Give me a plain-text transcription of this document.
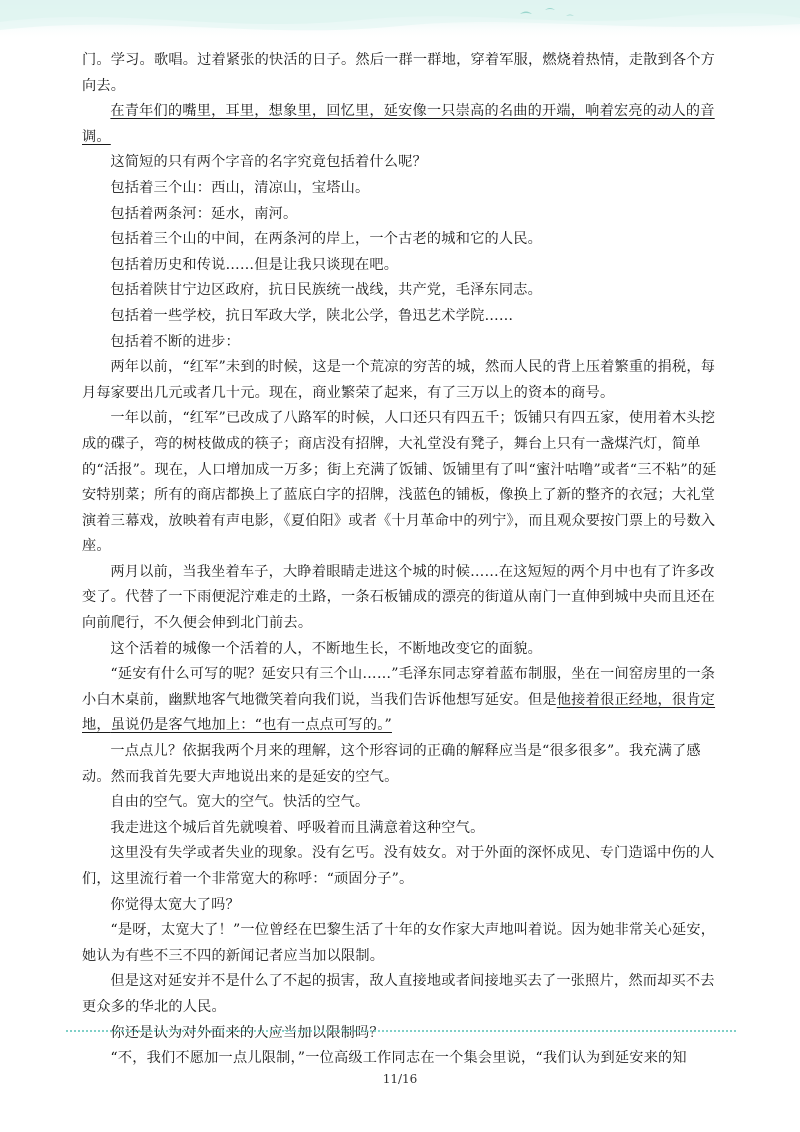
门。学习。歌唱。过着紧张的快活的日子。然后一群一群地，穿着军服，燃烧着热情，走散到各个方向去。

在青年们的嘴里，耳里，想象里，回忆里，延安像一只崇高的名曲的开端，响着宏亮的动人的音调。

这简短的只有两个字音的名字究竟包括着什么呢？

包括着三个山：西山，清凉山，宝塔山。

包括着两条河：延水，南河。

包括着三个山的中间，在两条河的岸上，一个古老的城和它的人民。

包括着历史和传说……但是让我只谈现在吧。

包括着陕甘宁边区政府，抗日民族统一战线，共产党，毛泽东同志。

包括着一些学校，抗日军政大学，陕北公学，鲁迅艺术学院……

包括着不断的进步：

两年以前，“红军”未到的时候，这是一个荒凉的穷苦的城，然而人民的背上压着繁重的捐税，每月每家要出几元或者几十元。现在，商业繁荣了起来，有了三万以上的资本的商号。

一年以前，“红军”已改成了八路军的时候，人口还只有四五千；饭铺只有四五家，使用着木头挖成的碟子，弯的树枝做成的筷子；商店没有招牌，大礼堂没有凳子，舞台上只有一盏煤汽灯，简单的“活报”。现在，人口增加成一万多；街上充满了饭铺、饭铺里有了叫“蜜汁咕噜”或者“三不粘”的延安特别菜；所有的商店都换上了蓝底白字的招牌，浅蓝色的铺板，像换上了新的整齐的衣冠；大礼堂演着三幕戏，放映着有声电影，《夏伯阳》或者《十月革命中的列宁》，而且观众要按门票上的号数入座。

两月以前，当我坐着车子，大睁着眼睛走进这个城的时候……在这短短的两个月中也有了许多改变了。代替了一下雨便泥泞难走的土路，一条石板铺成的漂亮的街道从南门一直伸到城中央而且还在向前爬行，不久便会伸到北门前去。

这个活着的城像一个活着的人，不断地生长，不断地改变它的面貌。

“延安有什么可写的呢？延安只有三个山……”毛泽东同志穿着蓝布制服，坐在一间窑房里的一条小白木桌前，幽默地客气地微笑着向我们说，当我们告诉他想写延安。但是他接着很正经地，很肯定地，虽说仍是客气地加上：“也有一点点可写的。”

一点点儿？依据我两个月来的理解，这个形容词的正确的解释应当是“很多很多”。我充满了感动。然而我首先要大声地说出来的是延安的空气。

自由的空气。宽大的空气。快活的空气。

我走进这个城后首先就嗅着、呼吸着而且满意着这种空气。

这里没有失学或者失业的现象。没有乞丐。没有妓女。对于外面的深怀成见、专门造谣中伤的人们，这里流行着一个非常宽大的称呼：“顽固分子”。

你觉得太宽大了吗？

“是呀，太宽大了！”一位曾经在巴黎生活了十年的女作家大声地叫着说。因为她非常关心延安，她认为有些不三不四的新闻记者应当加以限制。

但是这对延安并不是什么了不起的损害，敌人直接地或者间接地买去了一张照片，然而却买不去更众多的华北的人民。

你还是认为对外面来的人应当加以限制吗？

“不，我们不愿加一点儿限制，”一位高级工作同志在一个集会里说，“我们认为到延安来的知

11/16
